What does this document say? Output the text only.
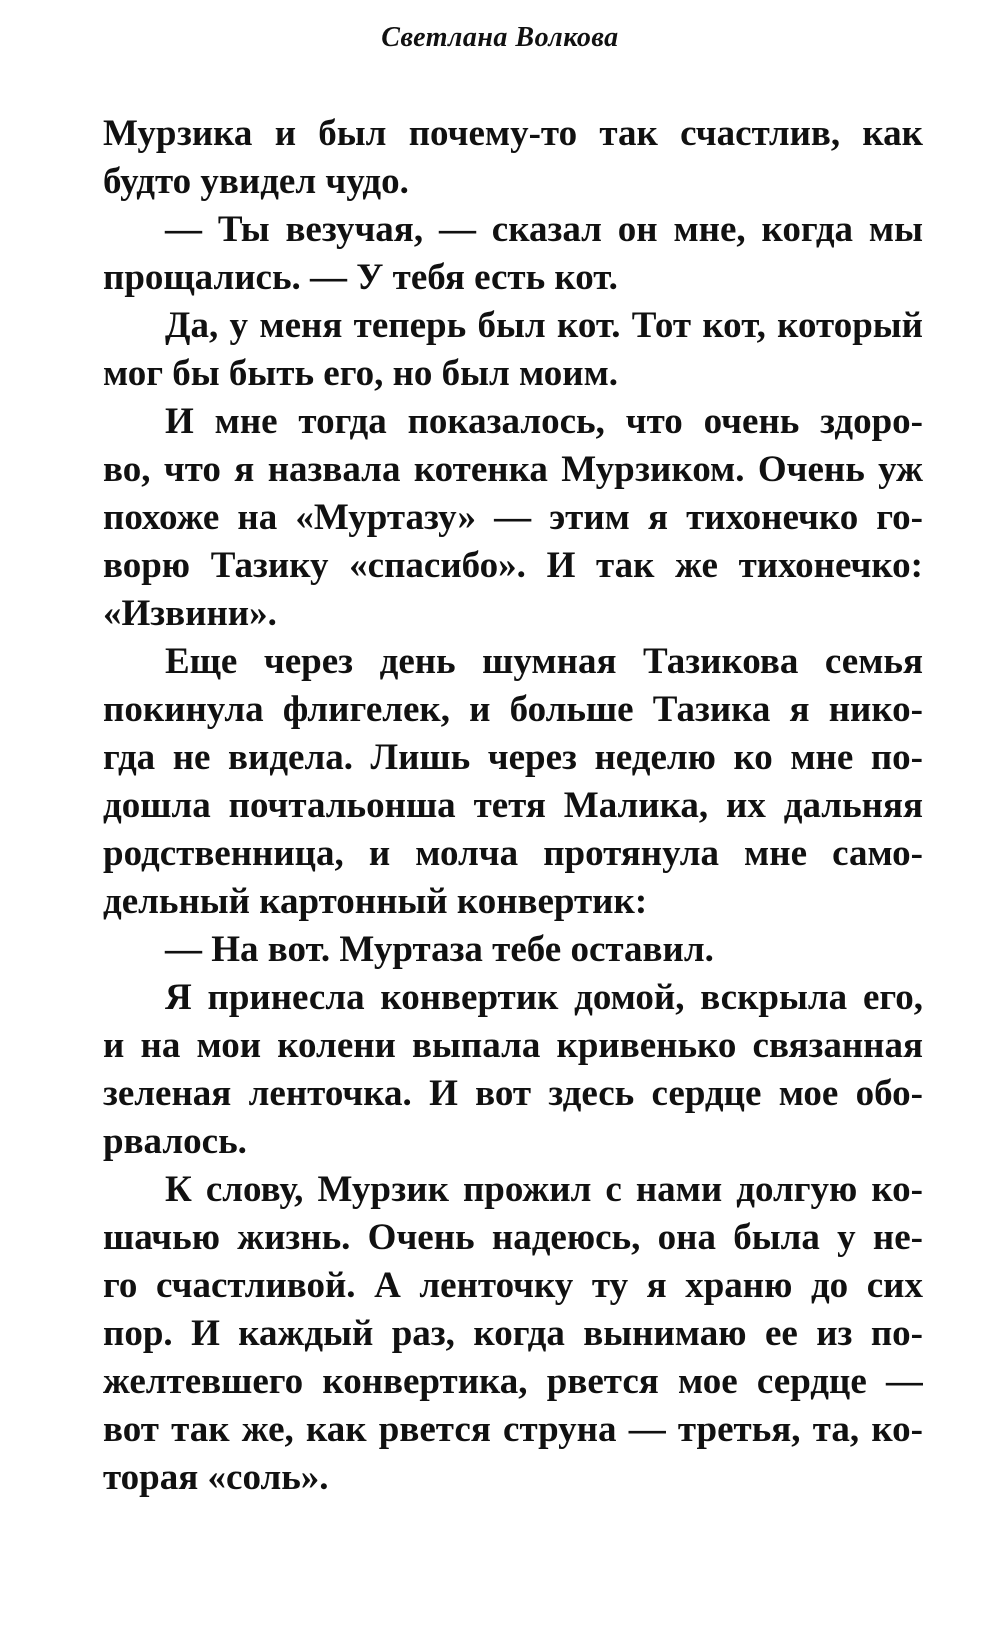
Светлана Волкова
Мурзика и был почему-то так счастлив, как
будто увидел чудо.
— Ты везучая, — сказал он мне, когда мы
прощались. — У тебя есть кот.
Да, у меня теперь был кот. Тот кот, который
мог бы быть его, но был моим.
И мне тогда показалось, что очень здоро-
во, что я назвала котенка Мурзиком. Очень уж
похоже на «Муртазу» — этим я тихонечко го-
ворю Тазику «спасибо». И так же тихонечко:
«Извини».
Еще через день шумная Тазикова семья
покинула флигелек, и больше Тазика я нико-
гда не видела. Лишь через неделю ко мне по-
дошла почтальонша тетя Малика, их дальняя
родственница, и молча протянула мне само-
дельный картонный конвертик:
— На вот. Муртаза тебе оставил.
Я принесла конвертик домой, вскрыла его,
и на мои колени выпала кривенько связанная
зеленая ленточка. И вот здесь сердце мое обо-
рвалось.
К слову, Мурзик прожил с нами долгую ко-
шачью жизнь. Очень надеюсь, она была у не-
го счастливой. А ленточку ту я храню до сих
пор. И каждый раз, когда вынимаю ее из по-
желтевшего конвертика, рвется мое сердце —
вот так же, как рвется струна — третья, та, ко-
торая «соль».
